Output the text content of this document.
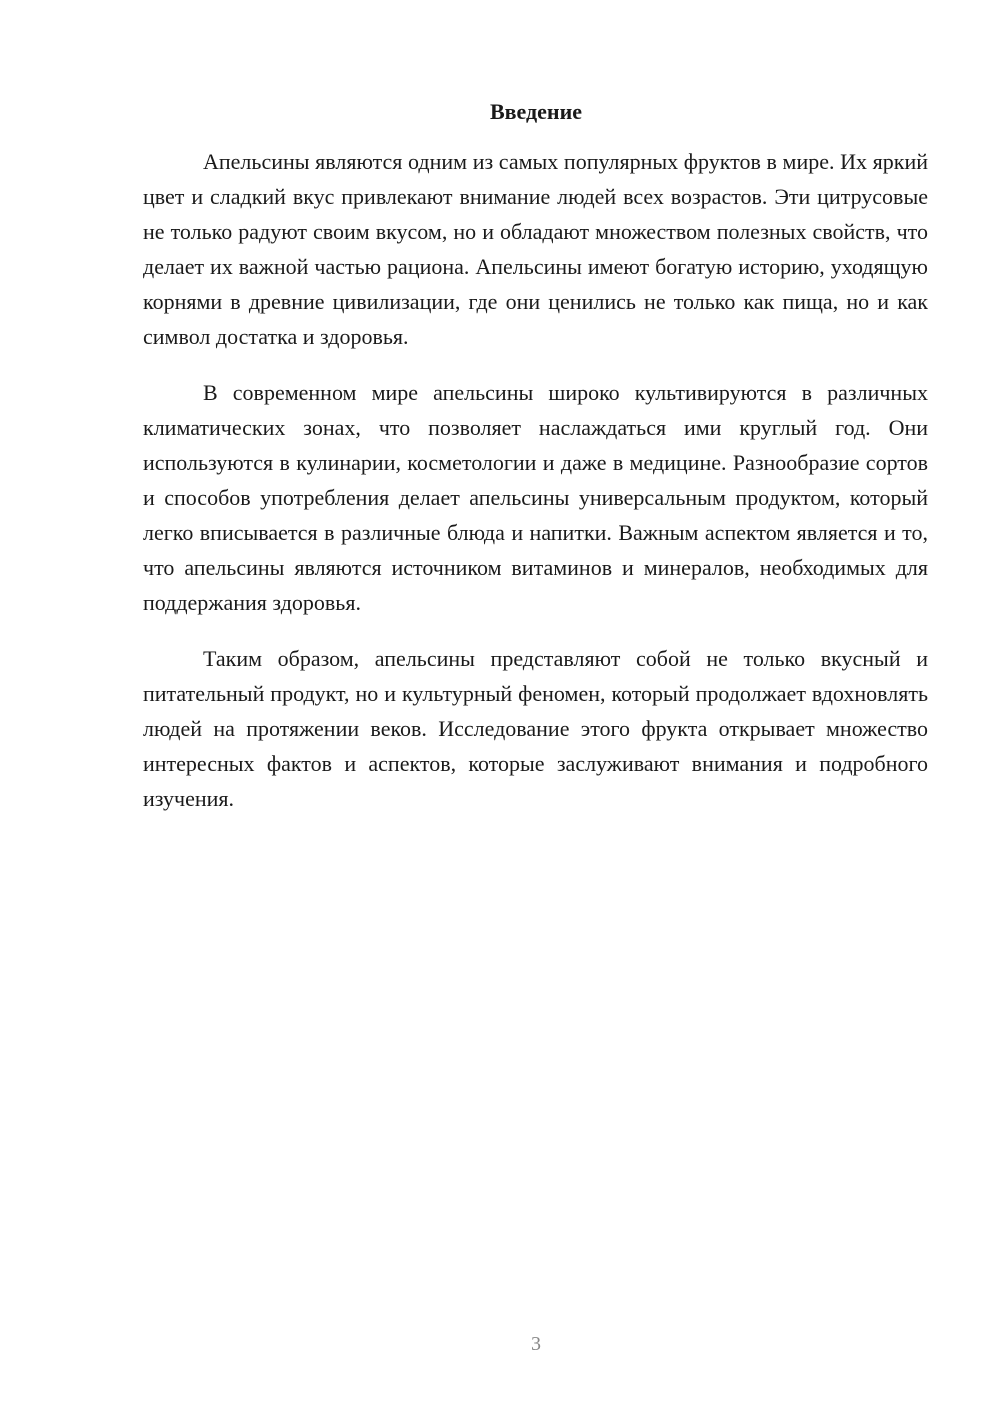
Введение

Апельсины являются одним из самых популярных фруктов в мире. Их яркий цвет и сладкий вкус привлекают внимание людей всех возрастов. Эти цитрусовые не только радуют своим вкусом, но и обладают множеством полезных свойств, что делает их важной частью рациона. Апельсины имеют богатую историю, уходящую корнями в древние цивилизации, где они ценились не только как пища, но и как символ достатка и здоровья.

В современном мире апельсины широко культивируются в различных климатических зонах, что позволяет наслаждаться ими круглый год. Они используются в кулинарии, косметологии и даже в медицине. Разнообразие сортов и способов употребления делает апельсины универсальным продуктом, который легко вписывается в различные блюда и напитки. Важным аспектом является и то, что апельсины являются источником витаминов и минералов, необходимых для поддержания здоровья.

Таким образом, апельсины представляют собой не только вкусный и питательный продукт, но и культурный феномен, который продолжает вдохновлять людей на протяжении веков. Исследование этого фрукта открывает множество интересных фактов и аспектов, которые заслуживают внимания и подробного изучения.

3
